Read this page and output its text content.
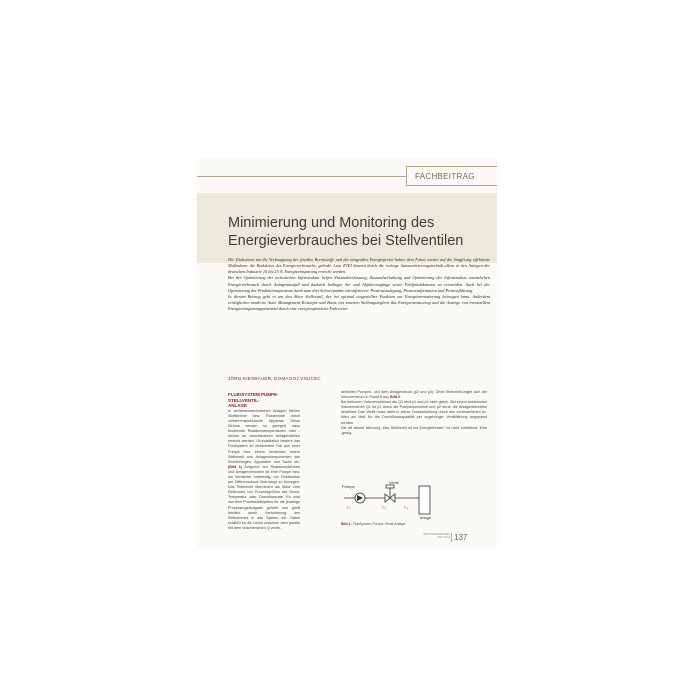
FACHBEITRAG
Minimierung und Monitoring des
Energieverbrauches bei Stellventilen

Die Diskussion um die Verknappung der fossilen Brennstoffe und die steigenden Energiepreise haben dem Fokus wieder auf die langfristig effektivste Maßnahme, die Reduktion des Energieverbrauchs, gelenkt. Laut ZVEI können durch die richtige Automatisierungstechnik allein in den Anlagen der deutschen Industrie 10 bis 25 % Energieeinsparung erreicht werden.

Bei der Optimierung der technischen Infrastruktur helfen Zustandserfassung, Zustandserhaltung und Optimierung der Infrastruktur, zusätzlichen Energieverbrauch durch Anlagenausfall und dadurch bedingte An- und Abfahrvorgänge sowie Fehlproduktionen zu vermeiden. Auch bei der Optimierung der Produktionsprozesse kann man drei Schwerpunkte identifizieren: Prozessauslegung, Prozessinformation und Prozessführung.

In diesem Beitrag geht es um den Aktor Stellventil, der bei optimal eingestellter Funktion zur Energieminimierung beitragen kann. Außerdem ermöglichen moderne Asset Management-Konzepte und Basis von smarten Stellungsreglern das Energiemonitoring und die Anzeige von eventuellem Energieeinsparungspotential durch eine energieoptimierte Fahrweise

JÖRG KIESBAUER, DOMAGOJ VNUCEC
FLUIDSYSTEM PUMPE-STELLVENTIL-
ANLAGE

In verfahrenstechnischen Anlagen fließen Stoffströme bzw. Fluidströme durch verfahrenstechnische Apparate. Diese Ströme werden so geregelt, dass bestimmte Reaktionstemperaturen oder -drücke an verschiedenen Anlagenstellen erreicht werden. Grundsätzlich besteht das Fluidsystem im einfachsten Fall aus einer Pumpe bzw. einem Verdichter, einem Stellventil und Anlagenkomponenten wie Rohrleitungen, Apparaten und Tanks etc. (Bild 1) Aufgrund von Reaktionsdrücken und Anlagenverlusten ist eine Pumpe bzw. ein Verdichter notwendig, um Fluidströme per Differenzdruck überhaupt zu bewegen. Das Stellventil übernimmt als Aktor zum Einflussen von Prozessgrößen wie Druck, Temperatur oder Durchflussrate. Es wird von dem Prozessleitsystem für die jeweilige Prozessregelaufgabe geführt und greift letztlich durch Veränderung des Stellstromes in das System ein. Dabei schließt es die Lücke zwischen dem jeweils mit dem Volumenstrom Q verän-

derlichen Pumpen- und dem Anlagendruck (p2 und p3). Ohne Stellventil ergibt sich der Volumenstrom in Punkt A aus Bild 2.

Bei kleineren Volumenströmen als Q1 sind p1 und p2 nicht gleich. Bei einem bestimmten Volumenstrom Q1 ist p1 durch die Pumpenkennlinie und p2 durch die Anlagenkennlinie bestimmt. Das Ventil muss dafür in seiner Drosselwirkung durch den veränderlichen kv-Wert als Maß für die Durchflusskapazität per zugehöriger Ventilöffnung angepasst werden.

Die oft zitierte Meinung „Das Stellventil ist ein Energiefresser" ist nicht zutreffend. Eine „gesig-

Pumpe
Ventil
Anlage
P₁	P₂	P₃
Bild 1: Fluidsystem Pumpe-Ventil-Anlage
INDUSTRIEARMATUREN
JUNI 1/2012 137
